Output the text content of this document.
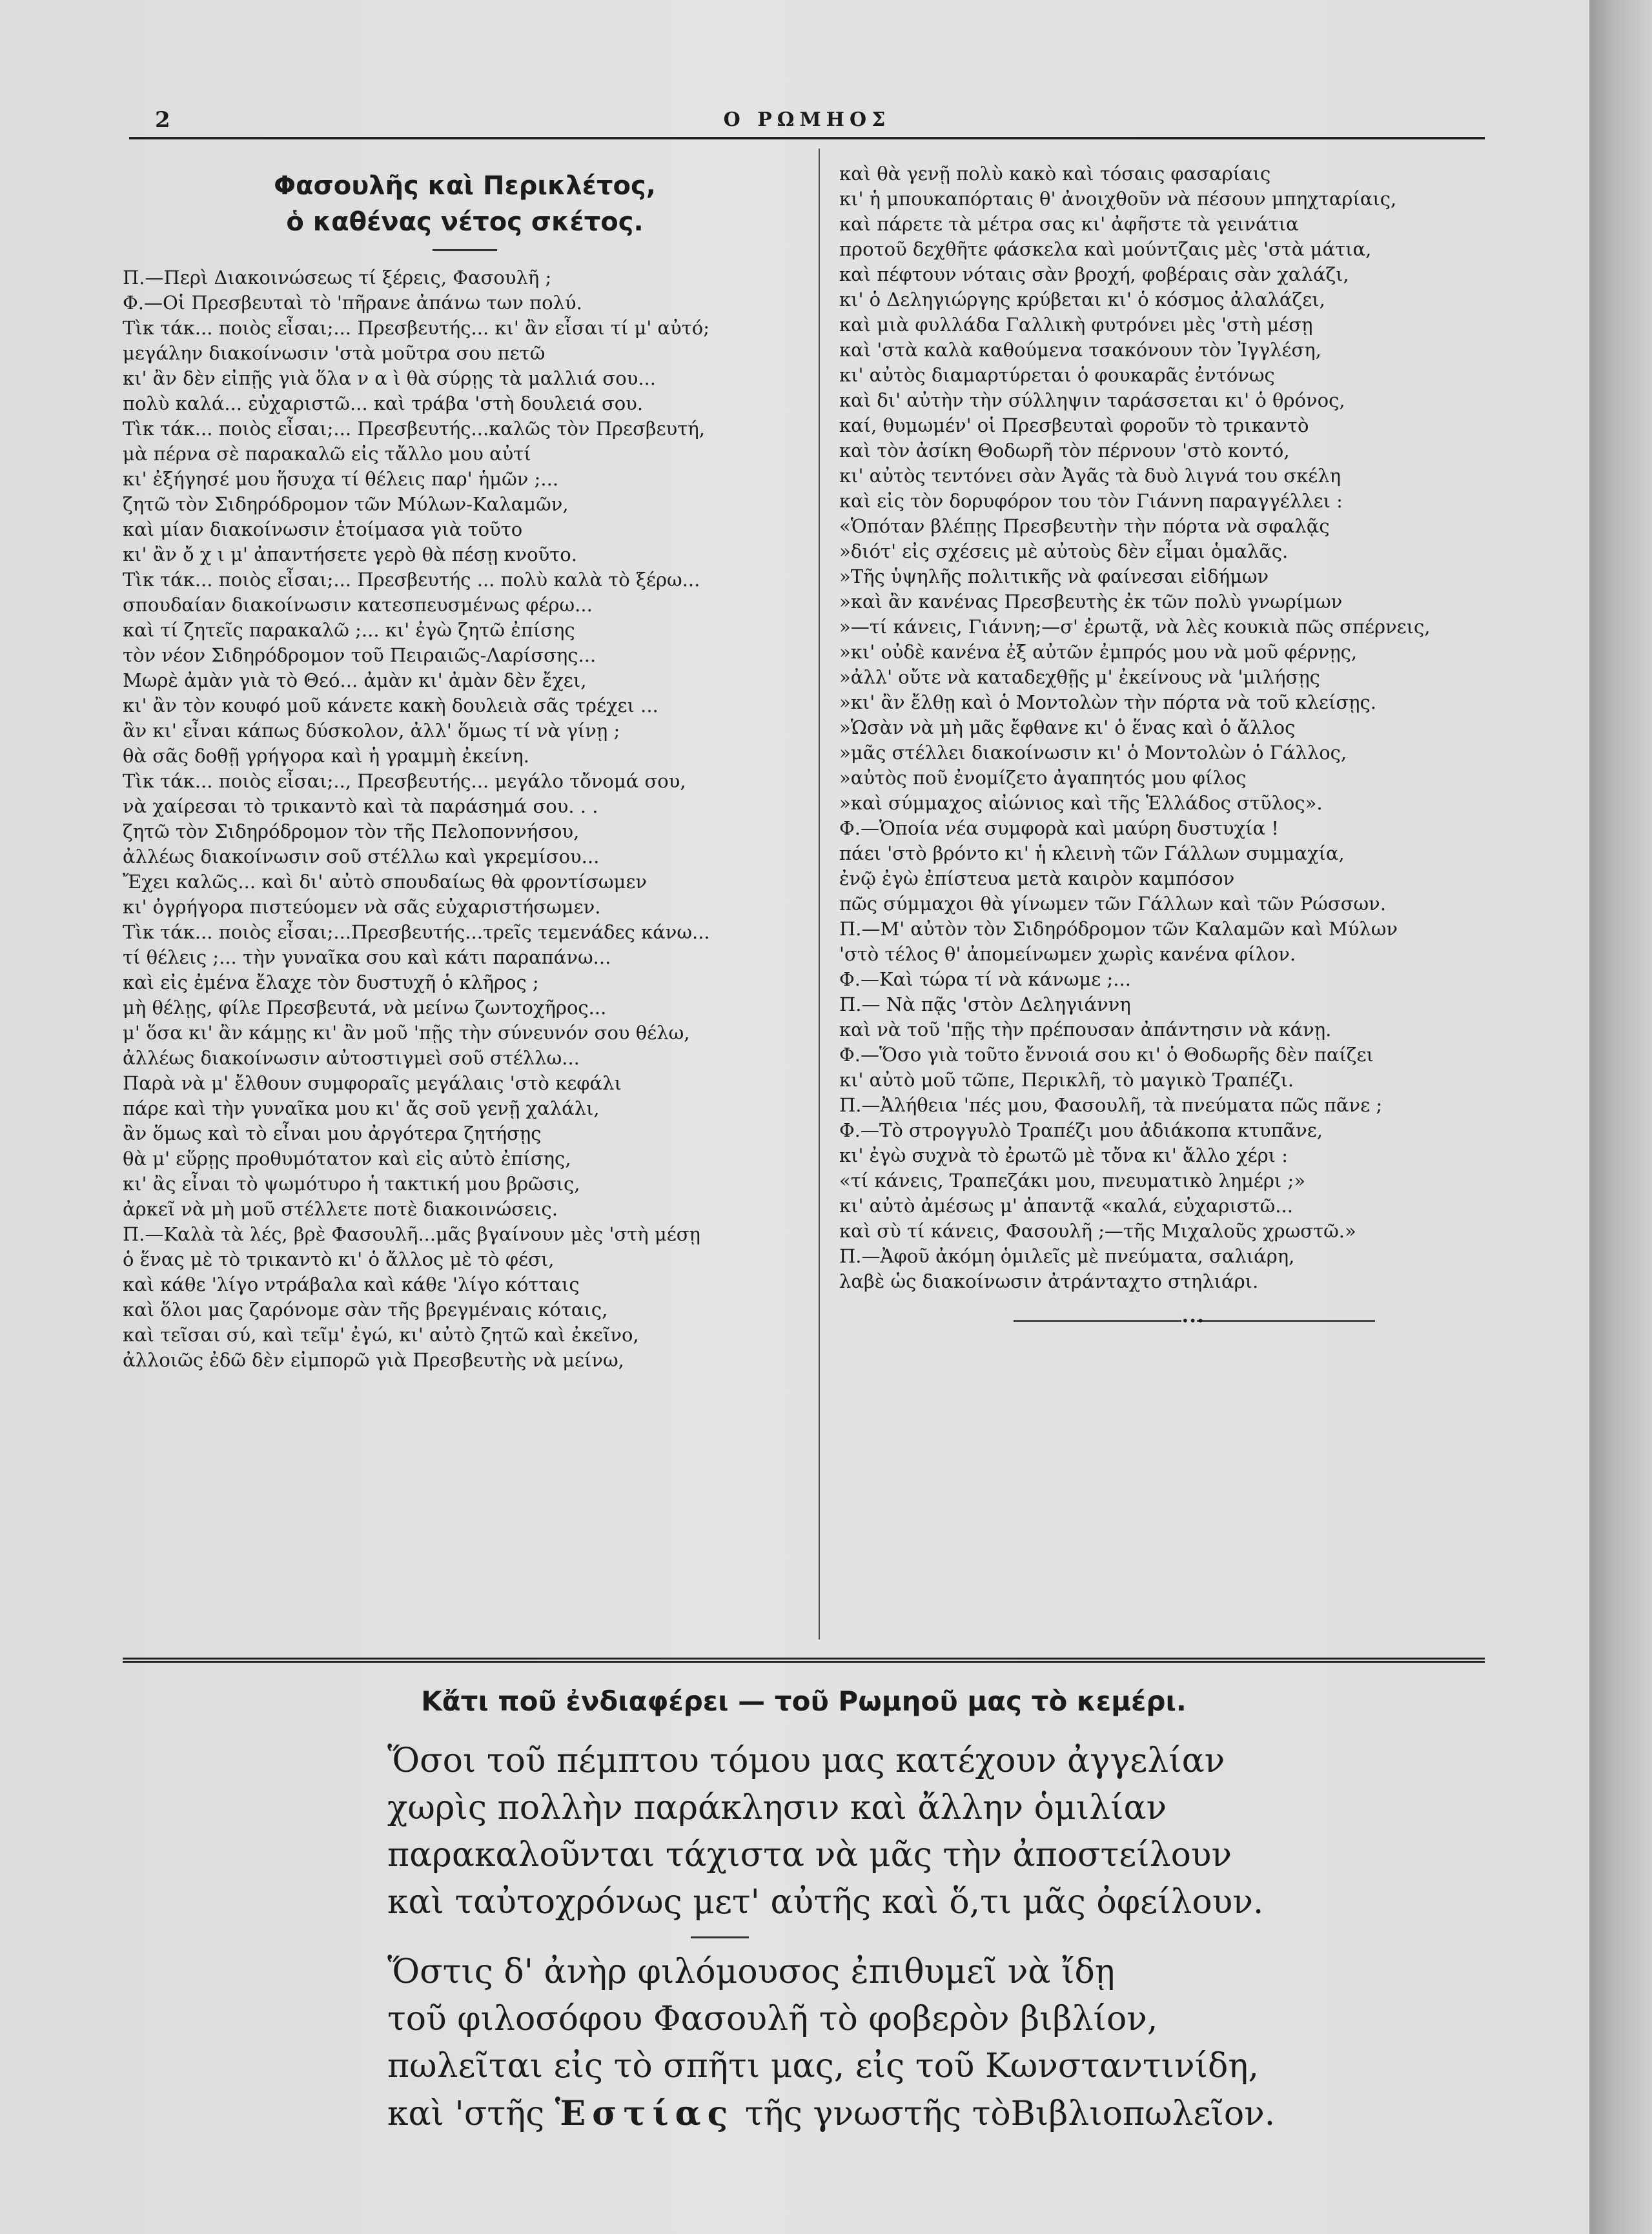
2	Ο ΡΩΜΗΟΣ
Φασουλῆς καὶ Περικλέτος,
ὁ καθένας νέτος σκέτος.

Π.—Περὶ Διακοινώσεως τί ξέρεις, Φασουλῆ ;

Φ.—Οἱ Πρεσβευταὶ τὸ 'πῆρανε ἀπάνω των πολύ.

Τὶκ τάκ... ποιὸς εἶσαι;... Πρεσβευτής... κι' ἂν εἶσαι τί μ' αὐτό;

μεγάλην διακοίνωσιν 'στὰ μοῦτρα σου πετῶ

κι' ἂν δὲν εἰπῇς γιὰ ὅλα ν α ὶ θὰ σύρῃς τὰ μαλλιά σου...

πολὺ καλά... εὐχαριστῶ... καὶ τράβα 'στὴ δουλειά σου.

Τὶκ τάκ... ποιὸς εἶσαι;... Πρεσβευτής...καλῶς τὸν Πρεσβευτή,

μὰ πέρνα σὲ παρακαλῶ εἰς τἄλλο μου αὐτί

κι' ἐξήγησέ μου ἥσυχα τί θέλεις παρ' ἡμῶν ;...

ζητῶ τὸν Σιδηρόδρομον τῶν Μύλων-Καλαμῶν,

καὶ μίαν διακοίνωσιν ἑτοίμασα γιὰ τοῦτο

κι' ἂν ὄ χ ι μ' ἀπαντήσετε γερὸ θὰ πέσῃ κνοῦτο.

Τὶκ τάκ... ποιὸς εἶσαι;... Πρεσβευτής ... πολὺ καλὰ τὸ ξέρω...

σπουδαίαν διακοίνωσιν κατεσπευσμένως φέρω...

καὶ τί ζητεῖς παρακαλῶ ;... κι' ἐγὼ ζητῶ ἐπίσης

τὸν νέον Σιδηρόδρομον τοῦ Πειραιῶς-Λαρίσσης...

Μωρὲ ἀμὰν γιὰ τὸ Θεό... ἀμὰν κι' ἀμὰν δὲν ἔχει,

κι' ἂν τὸν κουφό μοῦ κάνετε κακὴ δουλειὰ σᾶς τρέχει ...

ἂν κι' εἶναι κάπως δύσκολον, ἀλλ' ὅμως τί νὰ γίνῃ ;

θὰ σᾶς δοθῇ γρήγορα καὶ ἡ γραμμὴ ἐκείνη.

Τὶκ τάκ... ποιὸς εἶσαι;.., Πρεσβευτής... μεγάλο τὄνομά σου,

νὰ χαίρεσαι τὸ τρικαντὸ καὶ τὰ παράσημά σου. . .

ζητῶ τὸν Σιδηρόδρομον τὸν τῆς Πελοποννήσου,

ἀλλέως διακοίνωσιν σοῦ στέλλω καὶ γκρεμίσου...

Ἔχει καλῶς... καὶ δι' αὐτὸ σπουδαίως θὰ φροντίσωμεν

κι' ὀγρήγορα πιστεύομεν νὰ σᾶς εὐχαριστήσωμεν.

Τὶκ τάκ... ποιὸς εἶσαι;...Πρεσβευτής...τρεῖς τεμενάδες κάνω...

τί θέλεις ;... τὴν γυναῖκα σου καὶ κάτι παραπάνω...

καὶ εἰς ἐμένα ἔλαχε τὸν δυστυχῆ ὁ κλῆρος ;

μὴ θέλῃς, φίλε Πρεσβευτά, νὰ μείνω ζωντοχῆρος...

μ' ὅσα κι' ἂν κάμῃς κι' ἂν μοῦ 'πῇς τὴν σύνευνόν σου θέλω,

ἀλλέως διακοίνωσιν αὐτοστιγμεὶ σοῦ στέλλω...

Παρὰ νὰ μ' ἔλθουν συμφοραῖς μεγάλαις 'στὸ κεφάλι

πάρε καὶ τὴν γυναῖκα μου κι' ἄς σοῦ γενῇ χαλάλι,

ἂν ὅμως καὶ τὸ εἶναι μου ἀργότερα ζητήσῃς

θὰ μ' εὕρῃς προθυμότατον καὶ εἰς αὐτὸ ἐπίσης,

κι' ἂς εἶναι τὸ ψωμότυρο ἡ τακτική μου βρῶσις,

ἀρκεῖ νὰ μὴ μοῦ στέλλετε ποτὲ διακοινώσεις.

Π.—Καλὰ τὰ λές, βρὲ Φασουλῆ...μᾶς βγαίνουν μὲς 'στὴ μέσῃ

ὁ ἕνας μὲ τὸ τρικαντὸ κι' ὁ ἄλλος μὲ τὸ φέσι,

καὶ κάθε 'λίγο ντράβαλα καὶ κάθε 'λίγο κότταις

καὶ ὅλοι μας ζαρόνομε σὰν τῆς βρεγμέναις κόταις,

καὶ τεῖσαι σύ, καὶ τεῖμ' ἐγώ, κι' αὐτὸ ζητῶ καὶ ἐκεῖνο,

ἀλλοιῶς ἐδῶ δὲν εἰμπορῶ γιὰ Πρεσβευτὴς νὰ μείνω,

καὶ θὰ γενῇ πολὺ κακὸ καὶ τόσαις φασαρίαις

κι' ἡ μπουκαπόρταις θ' ἀνοιχθοῦν νὰ πέσουν μπηχταρίαις,

καὶ πάρετε τὰ μέτρα σας κι' ἀφῆστε τὰ γεινάτια

προτοῦ δεχθῆτε φάσκελα καὶ μούντζαις μὲς 'στὰ μάτια,

καὶ πέφτουν νόταις σὰν βροχή, φοβέραις σὰν χαλάζι,

κι' ὁ Δεληγιώργης κρύβεται κι' ὁ κόσμος ἀλαλάζει,

καὶ μιὰ φυλλάδα Γαλλικὴ φυτρόνει μὲς 'στὴ μέσῃ

καὶ 'στὰ καλὰ καθούμενα τσακόνουν τὸν Ἰγγλέση,

κι' αὐτὸς διαμαρτύρεται ὁ φουκαρᾶς ἐντόνως

καὶ δι' αὐτὴν τὴν σύλληψιν ταράσσεται κι' ὁ θρόνος,

καί, θυμωμέν' οἱ Πρεσβευταὶ φοροῦν τὸ τρικαντὸ

καὶ τὸν ἀσίκη Θοδωρῆ τὸν πέρνουν 'στὸ κοντό,

κι' αὐτὸς τεντόνει σὰν Ἀγᾶς τὰ δυὸ λιγνά του σκέλη

καὶ εἰς τὸν δορυφόρον του τὸν Γιάννη παραγγέλλει :

«Ὁπόταν βλέπῃς Πρεσβευτὴν τὴν πόρτα νὰ σφαλᾷς

»διότ' εἰς σχέσεις μὲ αὐτοὺς δὲν εἶμαι ὁμαλᾶς.

»Τῆς ὑψηλῆς πολιτικῆς νὰ φαίνεσαι εἰδήμων

»καὶ ἂν κανένας Πρεσβευτὴς ἐκ τῶν πολὺ γνωρίμων

»—τί κάνεις, Γιάννη;—σ' ἐρωτᾷ, νὰ λὲς κουκιὰ πῶς σπέρνεις,

»κι' οὐδὲ κανένα ἐξ αὐτῶν ἐμπρός μου νὰ μοῦ φέρνῃς,

»ἀλλ' οὔτε νὰ καταδεχθῇς μ' ἐκείνους νὰ 'μιλήσῃς

»κι' ἂν ἔλθῃ καὶ ὁ Μοντολὼν τὴν πόρτα νὰ τοῦ κλείσῃς.

»Ὡσὰν νὰ μὴ μᾶς ἔφθανε κι' ὁ ἕνας καὶ ὁ ἄλλος

»μᾶς στέλλει διακοίνωσιν κι' ὁ Μοντολὼν ὁ Γάλλος,

»αὐτὸς ποῦ ἐνομίζετο ἀγαπητός μου φίλος

»καὶ σύμμαχος αἰώνιος καὶ τῆς Ἑλλάδος στῦλος».

Φ.—Ὁποία νέα συμφορὰ καὶ μαύρη δυστυχία !

πάει 'στὸ βρόντο κι' ἡ κλεινὴ τῶν Γάλλων συμμαχία,

ἐνῷ ἐγὼ ἐπίστευα μετὰ καιρὸν καμπόσον

πῶς σύμμαχοι θὰ γίνωμεν τῶν Γάλλων καὶ τῶν Ρώσσων.

Π.—Μ' αὐτὸν τὸν Σιδηρόδρομον τῶν Καλαμῶν καὶ Μύλων

'στὸ τέλος θ' ἀπομείνωμεν χωρὶς κανένα φίλον.

Φ.—Καὶ τώρα τί νὰ κάνωμε ;...

Π.— Νὰ πᾷς 'στὸν Δεληγιάννη

καὶ νὰ τοῦ 'πῇς τὴν πρέπουσαν ἀπάντησιν νὰ κάνῃ.

Φ.—Ὅσο γιὰ τοῦτο ἔννοιά σου κι' ὁ Θοδωρῆς δὲν παίζει

κι' αὐτὸ μοῦ τῶπε, Περικλῆ, τὸ μαγικὸ Τραπέζι.

Π.—Ἀλήθεια 'πές μου, Φασουλῆ, τὰ πνεύματα πῶς πᾶνε ;

Φ.—Τὸ στρογγυλὸ Τραπέζι μου ἀδιάκοπα κτυπᾶνε,

κι' ἐγὼ συχνὰ τὸ ἐρωτῶ μὲ τὄνα κι' ἄλλο χέρι :

«τί κάνεις, Τραπεζάκι μου, πνευματικὸ λημέρι ;»

κι' αὐτὸ ἀμέσως μ' ἀπαντᾷ «καλά, εὐχαριστῶ...

καὶ σὺ τί κάνεις, Φασουλῆ ;—τῆς Μιχαλοῦς χρωστῶ.»

Π.—Ἀφοῦ ἀκόμη ὁμιλεῖς μὲ πνεύματα, σαλιάρη,

λαβὲ ὡς διακοίνωσιν ἀτράνταχτο στηλιάρι.

•••
Κἄτι ποῦ ἐνδιαφέρει — τοῦ Ρωμηοῦ μας τὸ κεμέρι.

Ὅσοι τοῦ πέμπτου τόμου μας κατέχουν ἀγγελίαν

χωρὶς πολλὴν παράκλησιν καὶ ἄλλην ὁμιλίαν

παρακαλοῦνται τάχιστα νὰ μᾶς τὴν ἀποστείλουν

καὶ ταὐτοχρόνως μετ' αὐτῆς καὶ ὅ,τι μᾶς ὀφείλουν.

Ὅστις δ' ἀνὴρ φιλόμουσος ἐπιθυμεῖ νὰ ἴδῃ

τοῦ φιλοσόφου Φασουλῆ τὸ φοβερὸν βιβλίον,

πωλεῖται εἰς τὸ σπῆτι μας, εἰς τοῦ Κωνσταντινίδη,

καὶ 'στῆς Ἑστίας τῆς γνωστῆς τὸΒιβλιοπωλεῖον.
